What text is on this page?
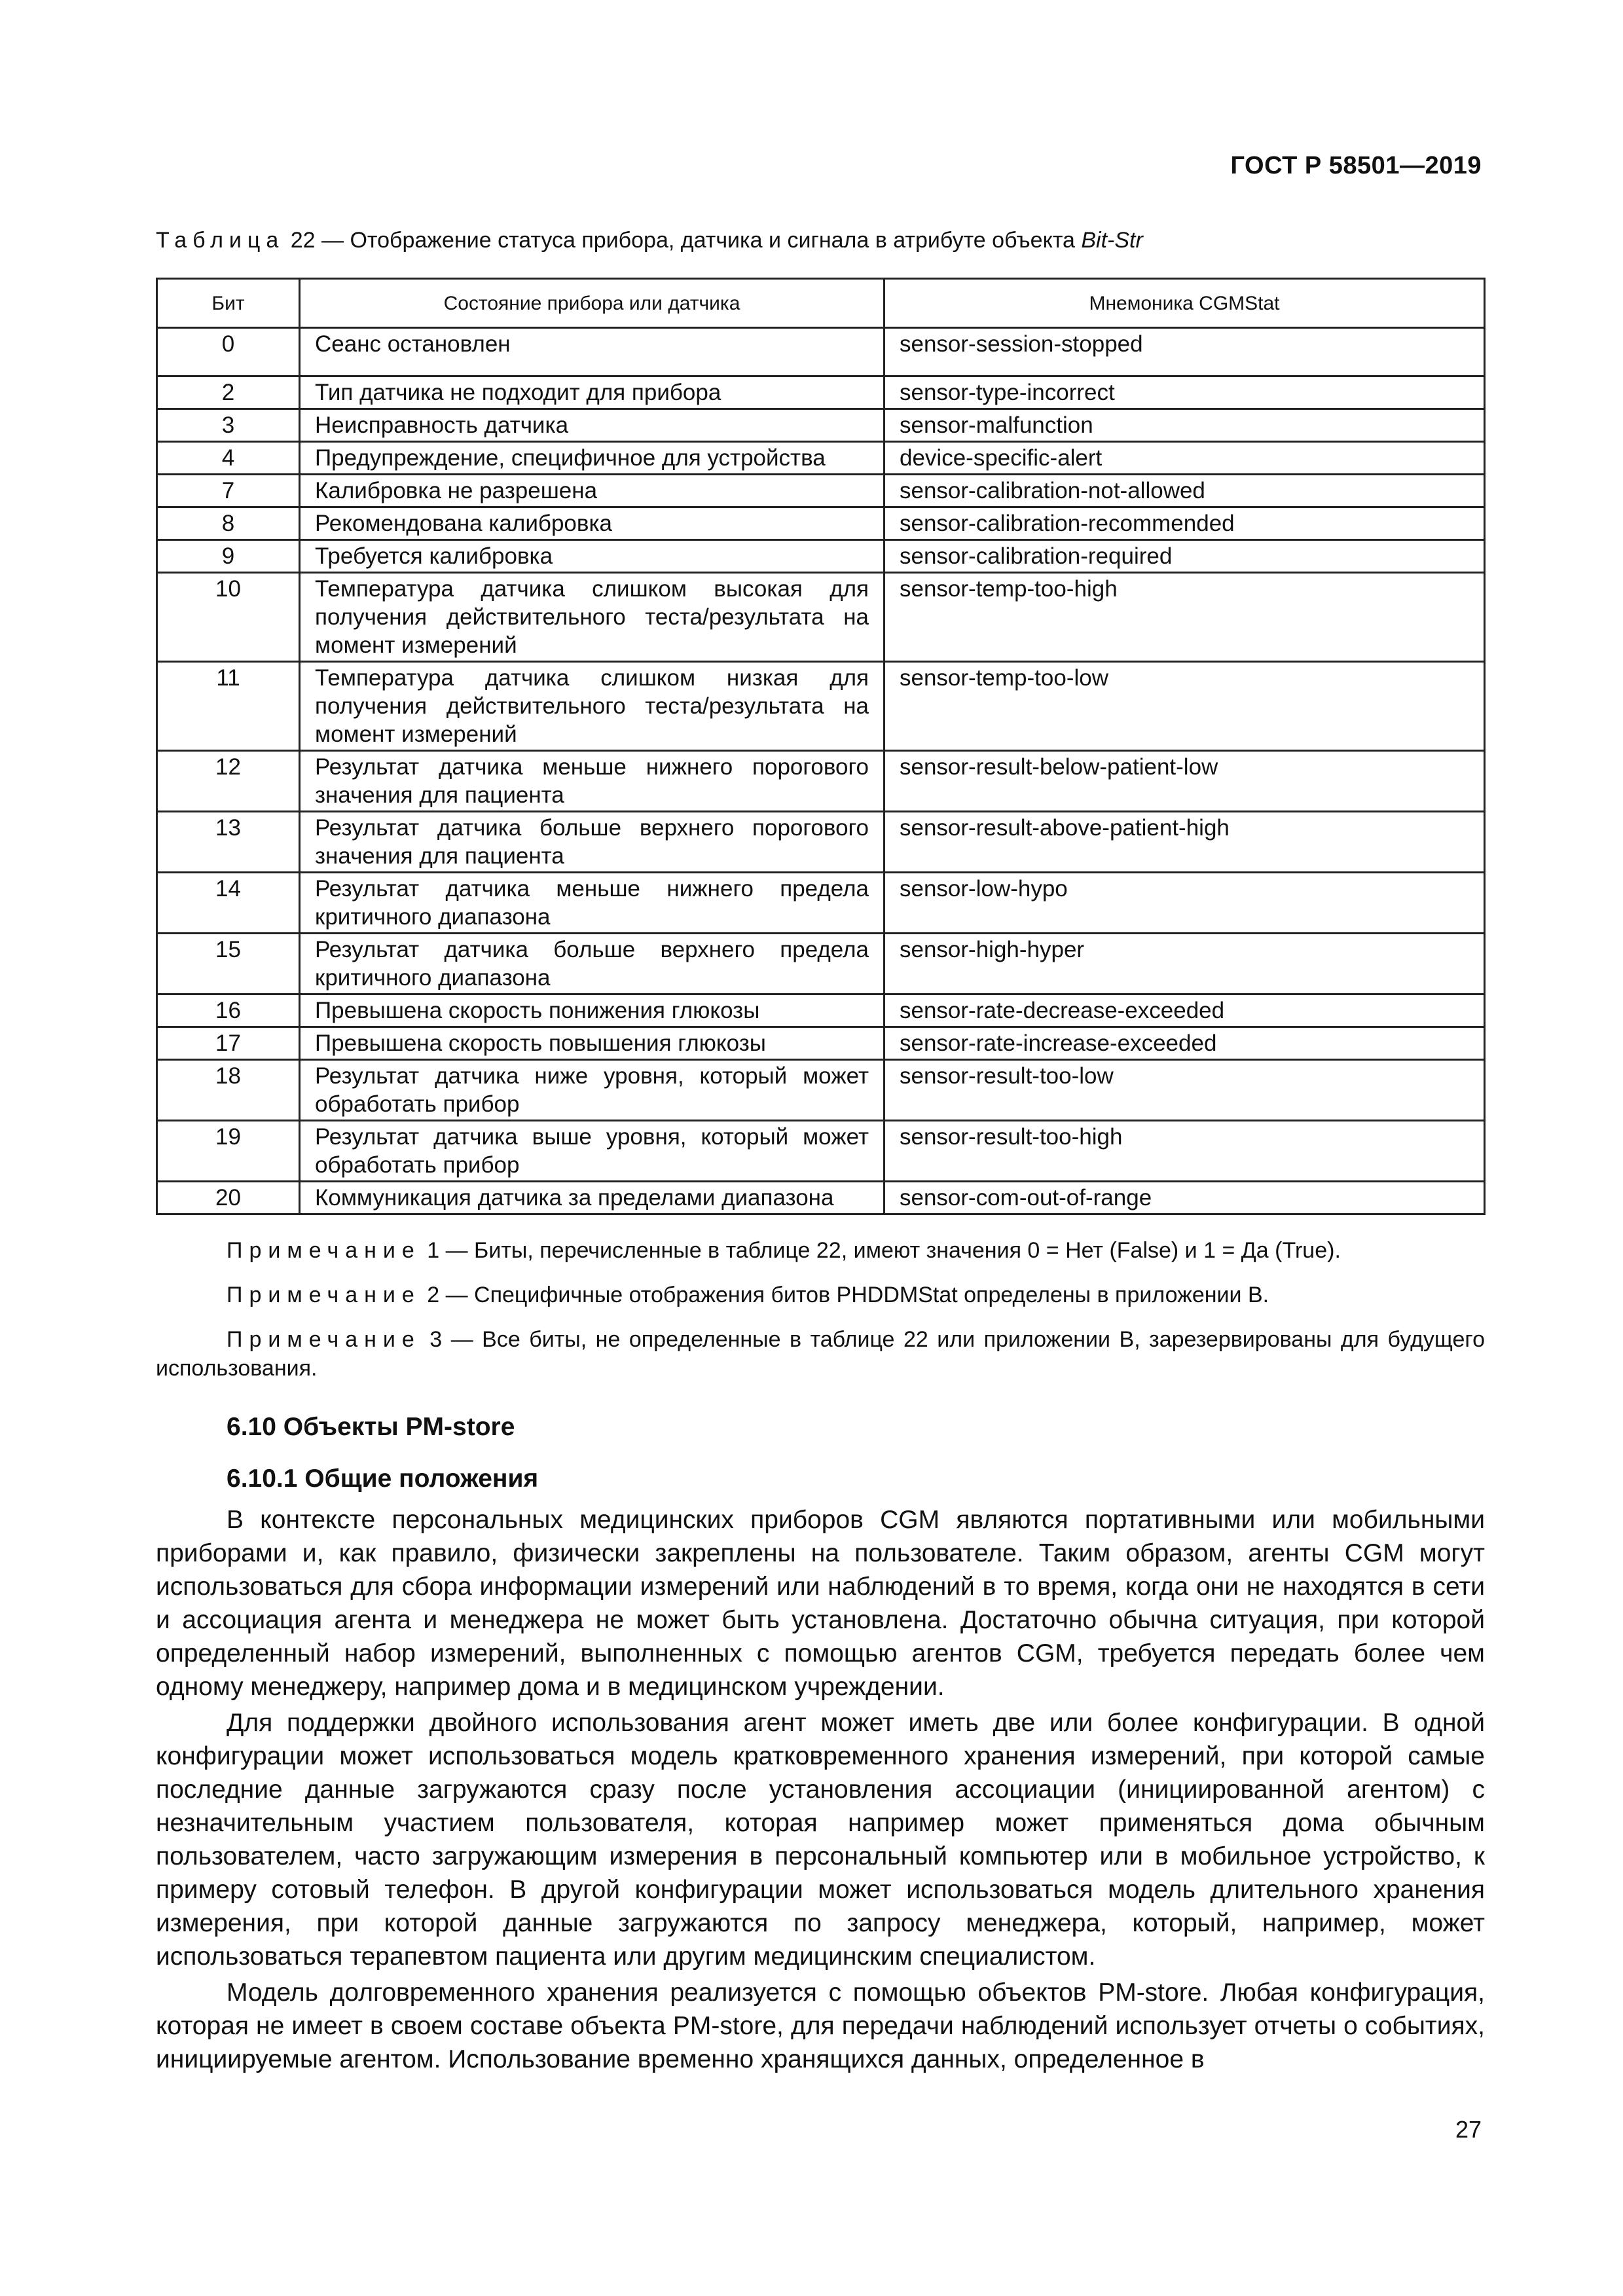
ГОСТ Р 58501—2019
Таблица 22 — Отображение статуса прибора, датчика и сигнала в атрибуте объекта Bit-Str
Бит	Состояние прибора или датчика	Мнемоника CGMStat
0	Сеанс остановлен	sensor-session-stopped
2	Тип датчика не подходит для прибора	sensor-type-incorrect
3	Неисправность датчика	sensor-malfunction
4	Предупреждение, специфичное для устройства	device-specific-alert
7	Калибровка не разрешена	sensor-calibration-not-allowed
8	Рекомендована калибровка	sensor-calibration-recommended
9	Требуется калибровка	sensor-calibration-required
10	Температура датчика слишком высокая для получения действительного теста/результата на момент измерений	sensor-temp-too-high
11	Температура датчика слишком низкая для получения действительного теста/результата на момент измерений	sensor-temp-too-low
12	Результат датчика меньше нижнего порогового значения для пациента	sensor-result-below-patient-low
13	Результат датчика больше верхнего порогового значения для пациента	sensor-result-above-patient-high
14	Результат датчика меньше нижнего предела критичного диапазона	sensor-low-hypo
15	Результат датчика больше верхнего предела критичного диапазона	sensor-high-hyper
16	Превышена скорость понижения глюкозы	sensor-rate-decrease-exceeded
17	Превышена скорость повышения глюкозы	sensor-rate-increase-exceeded
18	Результат датчика ниже уровня, который может обработать прибор	sensor-result-too-low
19	Результат датчика выше уровня, который может обработать прибор	sensor-result-too-high
20	Коммуникация датчика за пределами диапазона	sensor-com-out-of-range

Примечание 1 — Биты, перечисленные в таблице 22, имеют значения 0 = Нет (False) и 1 = Да (True).

Примечание 2 — Специфичные отображения битов PHDDMStat определены в приложении В.

Примечание 3 — Все биты, не определенные в таблице 22 или приложении В, зарезервированы для будущего использования.

6.10 Объекты PM-store
6.10.1 Общие положения

В контексте персональных медицинских приборов CGM являются портативными или мобильными приборами и, как правило, физически закреплены на пользователе. Таким образом, агенты CGM могут использоваться для сбора информации измерений или наблюдений в то время, когда они не находятся в сети и ассоциация агента и менеджера не может быть установлена. Достаточно обычна ситуация, при которой определенный набор измерений, выполненных с помощью агентов CGM, требуется передать более чем одному менеджеру, например дома и в медицинском учреждении.

Для поддержки двойного использования агент может иметь две или более конфигурации. В одной конфигурации может использоваться модель кратковременного хранения измерений, при которой самые последние данные загружаются сразу после установления ассоциации (инициированной агентом) с незначительным участием пользователя, которая например может применяться дома обычным пользователем, часто загружающим измерения в персональный компьютер или в мобильное устройство, к примеру сотовый телефон. В другой конфигурации может использоваться модель длительного хранения измерения, при которой данные загружаются по запросу менеджера, который, например, может использоваться терапевтом пациента или другим медицинским специалистом.

Модель долговременного хранения реализуется с помощью объектов PM-store. Любая конфигурация, которая не имеет в своем составе объекта PM-store, для передачи наблюдений использует отчеты о событиях, инициируемые агентом. Использование временно хранящихся данных, определенное в

27
